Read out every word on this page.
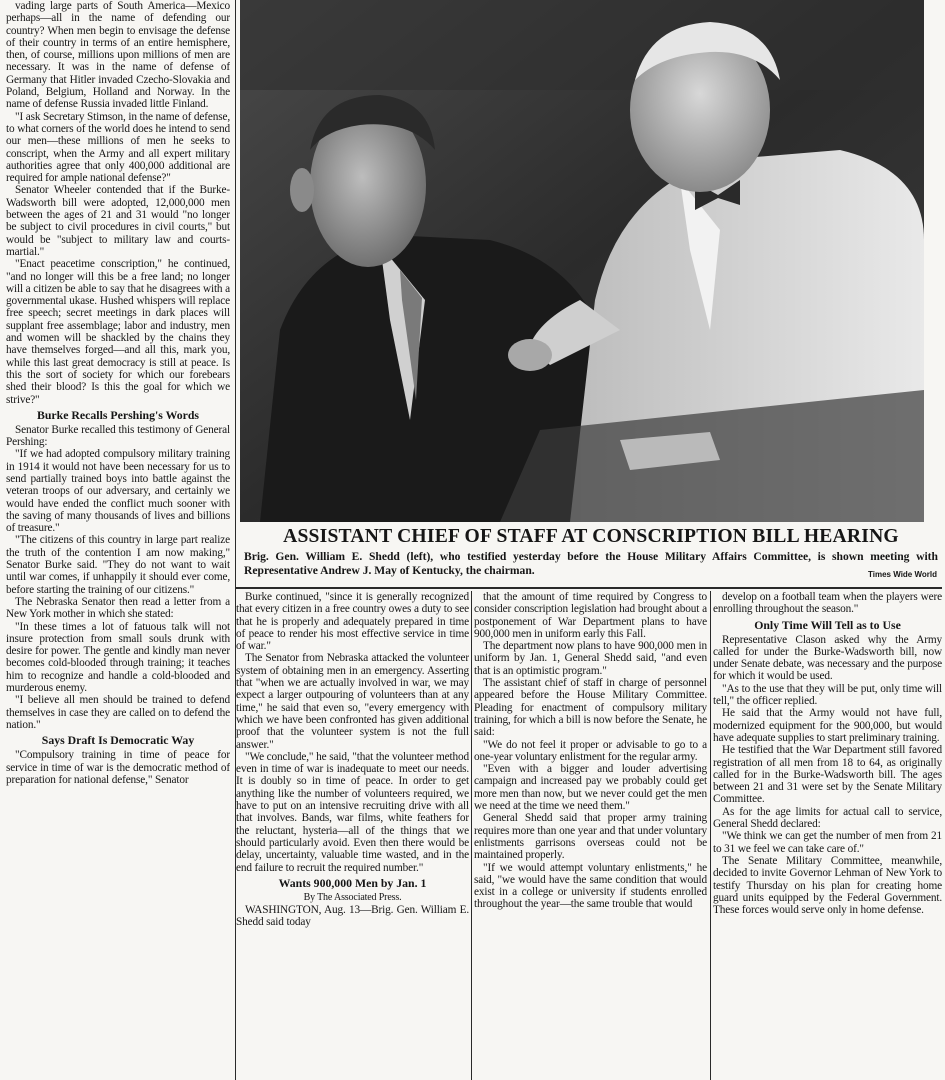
vading large parts of South America—Mexico perhaps—all in the name of defending our country? When men begin to envisage the defense of their country in terms of an entire hemisphere, then, of course, millions upon millions of men are necessary. It was in the name of defense of Germany that Hitler invaded Czecho-Slovakia and Poland, Belgium, Holland and Norway. In the name of defense Russia invaded little Finland.

"I ask Secretary Stimson, in the name of defense, to what corners of the world does he intend to send our men—these millions of men he seeks to conscript, when the Army and all expert military authorities agree that only 400,000 additional are required for ample national defense?"

Senator Wheeler contended that if the Burke-Wadsworth bill were adopted, 12,000,000 men between the ages of 21 and 31 would "no longer be subject to civil procedures in civil courts," but would be "subject to military law and courts-martial."

"Enact peacetime conscription," he continued, "and no longer will this be a free land; no longer will a citizen be able to say that he disagrees with a governmental ukase. Hushed whispers will replace free speech; secret meetings in dark places will supplant free assemblage; labor and industry, men and women will be shackled by the chains they have themselves forged—and all this, mark you, while this last great democracy is still at peace. Is this the sort of society for which our forebears shed their blood? Is this the goal for which we strive?"

Burke Recalls Pershing's Words

Senator Burke recalled this testimony of General Pershing:

"If we had adopted compulsory military training in 1914 it would not have been necessary for us to send partially trained boys into battle against the veteran troops of our adversary, and certainly we would have ended the conflict much sooner with the saving of many thousands of lives and billions of treasure."

"The citizens of this country in large part realize the truth of the contention I am now making," Senator Burke said. "They do not want to wait until war comes, if unhappily it should ever come, before starting the training of our citizens."

The Nebraska Senator then read a letter from a New York mother in which she stated:

"In these times a lot of fatuous talk will not insure protection from small souls drunk with desire for power. The gentle and kindly man never becomes cold-blooded through training; it teaches him to recognize and handle a cold-blooded and murderous enemy.

"I believe all men should be trained to defend themselves in case they are called on to defend the nation."

Says Draft Is Democratic Way

"Compulsory training in time of peace for service in time of war is the democratic method of preparation for national defense," Senator

ASSISTANT CHIEF OF STAFF AT CONSCRIPTION BILL HEARING

Brig. Gen. William E. Shedd (left), who testified yesterday before the House Military Affairs Committee, is shown meeting with Representative Andrew J. May of Kentucky, the chairman.	Times Wide World

Burke continued, "since it is generally recognized that every citizen in a free country owes a duty to see that he is properly and adequately prepared in time of peace to render his most effective service in time of war."

The Senator from Nebraska attacked the volunteer system of obtaining men in an emergency. Asserting that "when we are actually involved in war, we may expect a larger outpouring of volunteers than at any time," he said that even so, "every emergency with which we have been confronted has given additional proof that the volunteer system is not the full answer."

"We conclude," he said, "that the volunteer method even in time of war is inadequate to meet our needs. It is doubly so in time of peace. In order to get anything like the number of volunteers required, we have to put on an intensive recruiting drive with all that involves. Bands, war films, white feathers for the reluctant, hysteria—all of the things that we should particularly avoid. Even then there would be delay, uncertainty, valuable time wasted, and in the end failure to recruit the required number."

Wants 900,000 Men by Jan. 1

By The Associated Press.

WASHINGTON, Aug. 13—Brig. Gen. William E. Shedd said today

that the amount of time required by Congress to consider conscription legislation had brought about a postponement of War Department plans to have 900,000 men in uniform early this Fall.

The department now plans to have 900,000 men in uniform by Jan. 1, General Shedd said, "and even that is an optimistic program."

The assistant chief of staff in charge of personnel appeared before the House Military Committee. Pleading for enactment of compulsory military training, for which a bill is now before the Senate, he said:

"We do not feel it proper or advisable to go to a one-year voluntary enlistment for the regular army.

"Even with a bigger and louder advertising campaign and increased pay we probably could get more men than now, but we never could get the men we need at the time we need them."

General Shedd said that proper army training requires more than one year and that under voluntary enlistments garrisons overseas could not be maintained properly.

"If we would attempt voluntary enlistments," he said, "we would have the same condition that would exist in a college or university if students enrolled throughout the year—the same trouble that would

develop on a football team when the players were enrolling throughout the season."

Only Time Will Tell as to Use

Representative Clason asked why the Army called for under the Burke-Wadsworth bill, now under Senate debate, was necessary and the purpose for which it would be used.

"As to the use that they will be put, only time will tell," the officer replied.

He said that the Army would not have full, modernized equipment for the 900,000, but would have adequate supplies to start preliminary training.

He testified that the War Department still favored registration of all men from 18 to 64, as originally called for in the Burke-Wadsworth bill. The ages between 21 and 31 were set by the Senate Military Committee.

As for the age limits for actual call to service, General Shedd declared:

"We think we can get the number of men from 21 to 31 we feel we can take care of."

The Senate Military Committee, meanwhile, decided to invite Governor Lehman of New York to testify Thursday on his plan for creating home guard units equipped by the Federal Government. These forces would serve only in home defense.
